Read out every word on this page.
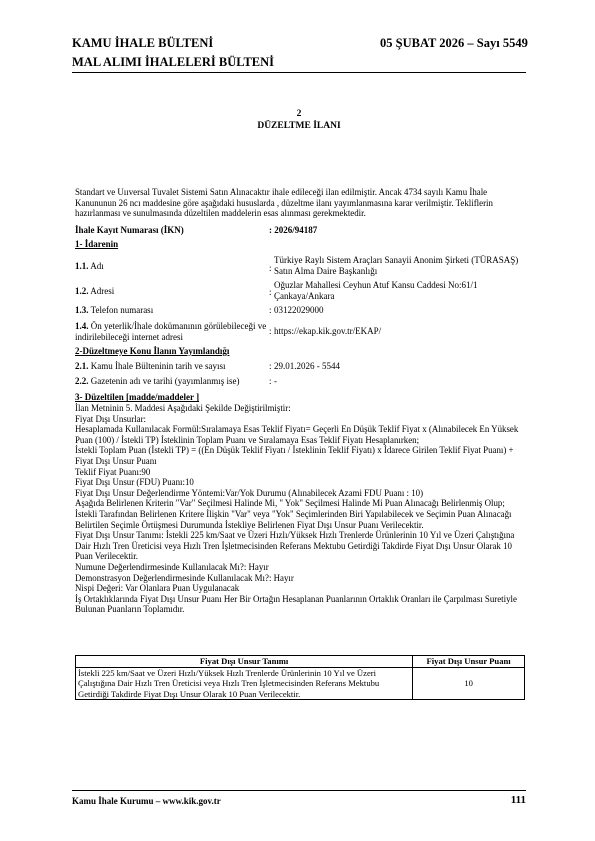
KAMU İHALE BÜLTENİ	05 ŞUBAT 2026 – Sayı 5549
MAL ALIMI İHALELERİ BÜLTENİ
2
DÜZELTME İLANI
Standart ve Uııversal Tuvalet Sistemi Satın Alınacaktır ihale edileceği ilan edilmiştir. Ancak 4734 sayılı Kamu İhale Kanununun 26 ncı maddesine göre aşağıdaki hususlarda , düzeltme ilanı yayımlanmasına karar verilmiştir. Tekliflerin hazırlanması ve sunulmasında düzeltilen maddelerin esas alınması gerekmektedir.
İhale Kayıt Numarası (İKN)	: 2026/94187
1- İdarenin
1.1. Adı	:
Türkiye Raylı Sistem Araçları Sanayii Anonim Şirketi (TÜRASAŞ) Satın Alma Daire Başkanlığı
1.2. Adresi	:
Oğuzlar Mahallesi Ceyhun Atuf Kansu Caddesi No:61/1 Çankaya/Ankara
1.3. Telefon numarası	: 03122029000
1.4. Ön yeterlik/İhale dokümanının görülebileceği ve indirilebileceği internet adresi
: https://ekap.kik.gov.tr/EKAP/
2-Düzeltmeye Konu İlanın Yayımlandığı
2.1. Kamu İhale Bülteninin tarih ve sayısı	: 29.01.2026 - 5544
2.2. Gazetenin adı ve tarihi (yayımlanmış ise)	: -
3- Düzeltilen [madde/maddeler ]
İlan Metninin 5. Maddesi Aşağıdaki Şekilde Değiştirilmiştir:
Fiyat Dışı Unsurlar:
Hesaplamada Kullanılacak Formül:Sıralamaya Esas Teklif Fiyatı= Geçerli En Düşük Teklif Fiyat x (Alınabilecek En Yüksek Puan (100) / İstekli TP) İsteklinin Toplam Puanı ve Sıralamaya Esas Teklif Fiyatı Hesaplanırken;
İstekli Toplam Puan (İstekli TP) = ((En Düşük Teklif Fiyatı / İsteklinin Teklif Fiyatı) x İdarece Girilen Teklif Fiyat Puanı) + Fiyat Dışı Unsur Puanı
Teklif Fiyat Puanı:90
Fiyat Dışı Unsur (FDU) Puanı:10
Fiyat Dışı Unsur Değerlendirme Yöntemi:Var/Yok Durumu (Alınabilecek Azami FDU Puanı : 10)
Aşağıda Belirlenen Kriterin "Var" Seçilmesi Halinde Mi, " Yok" Seçilmesi Halinde Mi Puan Alınacağı Belirlenmiş Olup; İstekli Tarafından Belirlenen Kritere İlişkin "Var" veya "Yok" Seçimlerinden Biri Yapılabilecek ve Seçimin Puan Alınacağı Belirtilen Seçimle Örtüşmesi Durumunda İstekliye Belirlenen Fiyat Dışı Unsur Puanı Verilecektir.
Fiyat Dışı Unsur Tanımı: İstekli 225 km/Saat ve Üzeri Hızlı/Yüksek Hızlı Trenlerde Ürünlerinin 10 Yıl ve Üzeri Çalıştığına Dair Hızlı Tren Üreticisi veya Hızlı Tren İşletmecisinden Referans Mektubu Getirdiği Takdirde Fiyat Dışı Unsur Olarak 10 Puan Verilecektir.
Numune Değerlendirmesinde Kullanılacak Mı?: Hayır
Demonstrasyon Değerlendirmesinde Kullanılacak Mı?: Hayır
Nispi Değeri: Var Olanlara Puan Uygulanacak
İş Ortaklıklarında Fiyat Dışı Unsur Puanı Her Bir Ortağın Hesaplanan Puanlarının Ortaklık Oranları ile Çarpılması Suretiyle Bulunan Puanların Toplamıdır.
Fiyat Dışı Unsur Tanımı	Fiyat Dışı Unsur Puanı
İstekli 225 km/Saat ve Üzeri Hızlı/Yüksek Hızlı Trenlerde Ürünlerinin 10 Yıl ve Üzeri Çalıştığına Dair Hızlı Tren Üreticisi veya Hızlı Tren İşletmecisinden Referans Mektubu Getirdiği Takdirde Fiyat Dışı Unsur Olarak 10 Puan Verilecektir.	10
Kamu İhale Kurumu – www.kik.gov.tr	111
